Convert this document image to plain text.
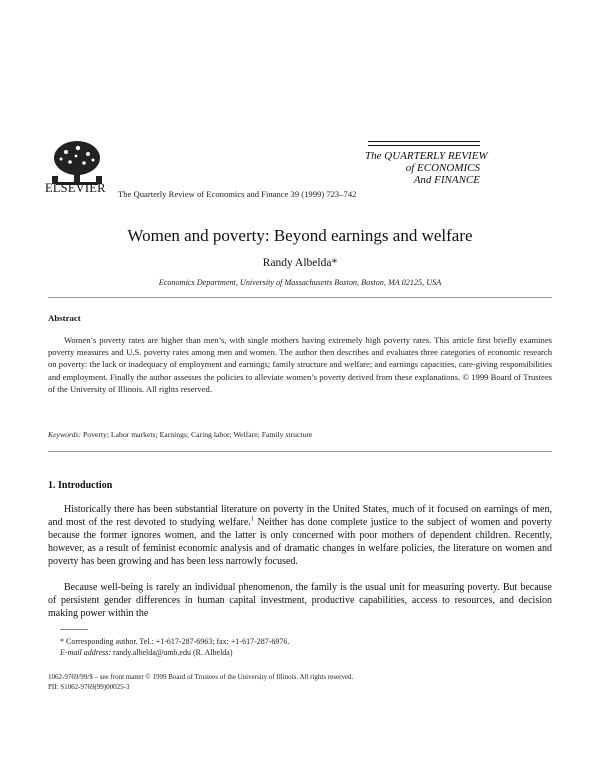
ELSEVIER The Quarterly Review of Economics and Finance 39 (1999) 723–742
The QUARTERLY REVIEW
of ECONOMICS
And FINANCE
Women and poverty: Beyond earnings and welfare
Randy Albelda*
Economics Department, University of Massachusetts Boston, Boston, MA 02125, USA
Abstract
Women’s poverty rates are higher than men’s, with single mothers having extremely high poverty rates. This article first briefly examines poverty measures and U.S. poverty rates among men and women. The author then describes and evaluates three categories of economic research on poverty: the lack or inadequacy of employment and earnings; family structure and welfare; and earnings capacities, care-giving responsibilities and employment. Finally the author assesses the policies to alleviate women’s poverty derived from these explanations. © 1999 Board of Trustees of the University of Illinois. All rights reserved.
Keywords: Poverty; Labor markets; Earnings; Caring labor; Welfare; Family structure
1. Introduction
Historically there has been substantial literature on poverty in the United States, much of it focused on earnings of men, and most of the rest devoted to studying welfare.$^1$ Neither has done complete justice to the subject of women and poverty because the former ignores women, and the latter is only concerned with poor mothers of dependent children. Recently, however, as a result of feminist economic analysis and of dramatic changes in welfare policies, the literature on women and poverty has been growing and has been less narrowly focused.
Because well-being is rarely an individual phenomenon, the family is the usual unit for measuring poverty. But because of persistent gender differences in human capital investment, productive capabilities, access to resources, and decision making power within the
* Corresponding author. Tel.: +1-617-287-6963; fax: +1-617-287-6976.
E-mail address: randy.albelda@umb.edu (R. Albelda)
1062-9769/99/$ – see front matter © 1999 Board of Trustees of the University of Illinois. All rights reserved.
PII: S1062-9769(99)00025-3
